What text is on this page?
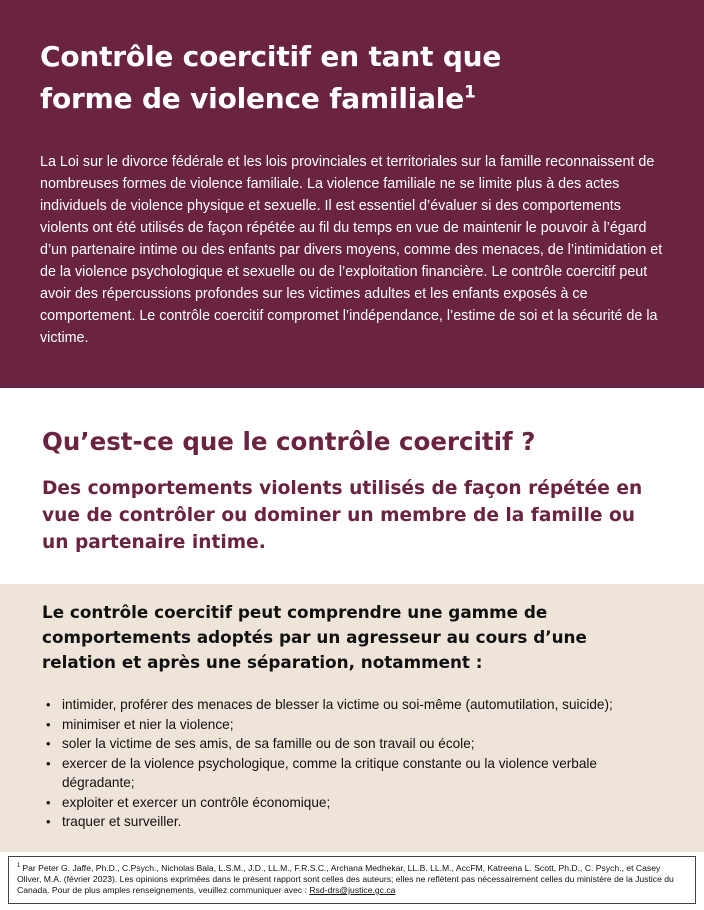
Contrôle coercitif en tant que
forme de violence familiale$^1$

La Loi sur le divorce fédérale et les lois provinciales et territoriales sur la famille reconnaissent de nombreuses formes de violence familiale. La violence familiale ne se limite plus à des actes individuels de violence physique et sexuelle. Il est essentiel d’évaluer si des comportements violents ont été utilisés de façon répétée au fil du temps en vue de maintenir le pouvoir à l’égard d’un partenaire intime ou des enfants par divers moyens, comme des menaces, de l’intimidation et de la violence psychologique et sexuelle ou de l’exploitation financière. Le contrôle coercitif peut avoir des répercussions profondes sur les victimes adultes et les enfants exposés à ce comportement. Le contrôle coercitif compromet l’indépendance, l’estime de soi et la sécurité de la victime.

Qu’est-ce que le contrôle coercitif ?

Des comportements violents utilisés de façon répétée en vue de contrôler ou dominer un membre de la famille ou un partenaire intime.

Le contrôle coercitif peut comprendre une gamme de comportements adoptés par un agresseur au cours d’une relation et après une séparation, notamment :

• intimider, proférer des menaces de blesser la victime ou soi-même (automutilation, suicide);
• minimiser et nier la violence;
• soler la victime de ses amis, de sa famille ou de son travail ou école;
• exercer de la violence psychologique, comme la critique constante ou la violence verbale dégradante;
• exploiter et exercer un contrôle économique;
• traquer et surveiller.
$^1$ Par Peter G. Jaffe, Ph.D., C.Psych., Nicholas Bala, L.S.M., J.D., LL.M., F.R.S.C., Archana Medhekar, LL.B. LL.M., AccFM, Katreena L. Scott, Ph.D., C. Psych., et Casey Oliver, M.A. (février 2023). Les opinions exprimées dans le présent rapport sont celles des auteurs; elles ne reflètent pas nécessairement celles du ministère de la Justice du Canada. Pour de plus amples renseignements, veuillez communiquer avec : Rsd-drs@justice.gc.ca
